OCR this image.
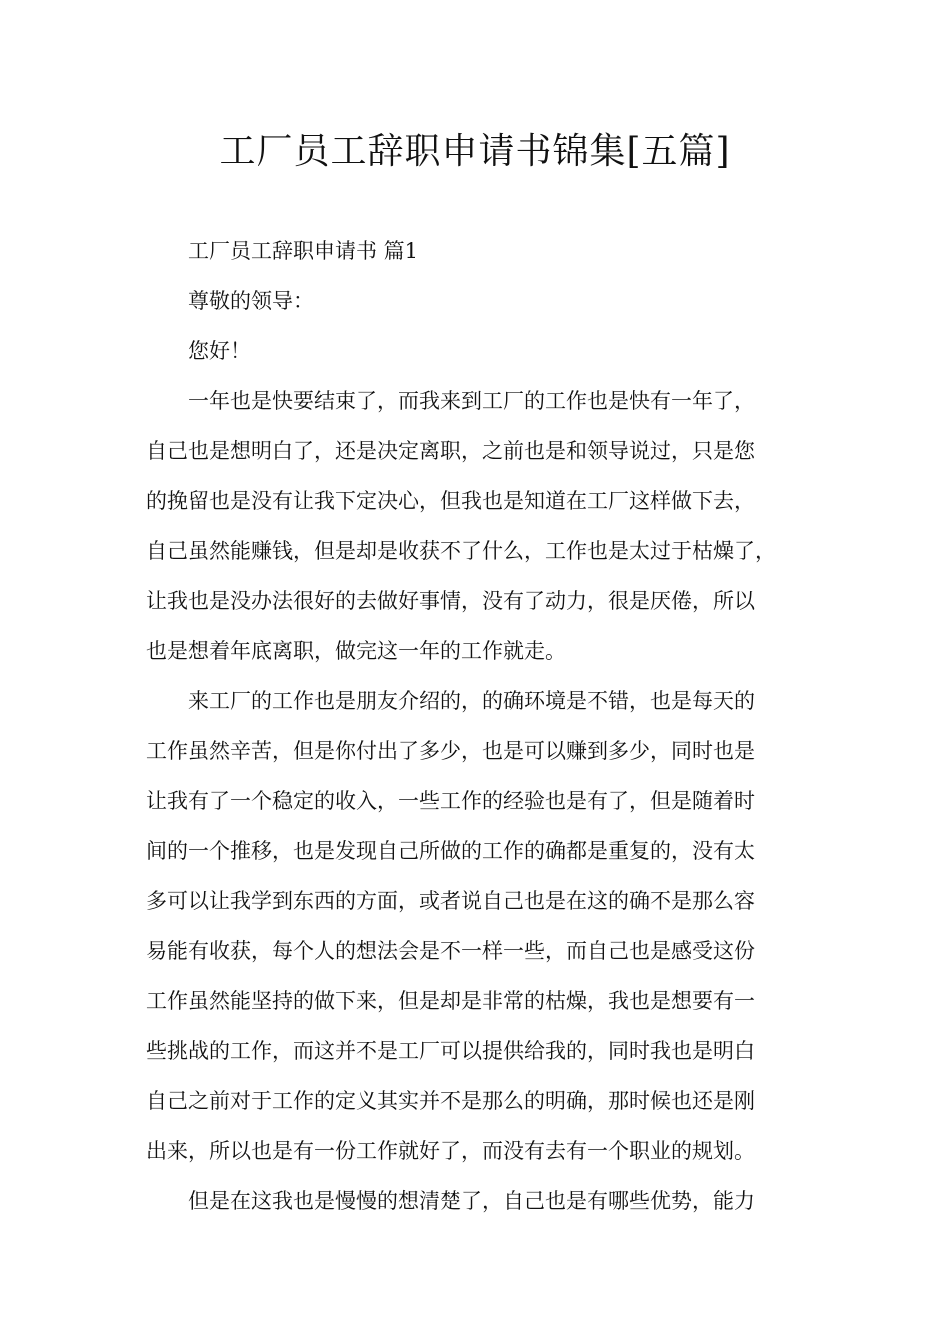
工厂员工辞职申请书锦集[五篇]

工厂员工辞职申请书 篇1

尊敬的领导：

您好！

一年也是快要结束了，而我来到工厂的工作也是快有一年了，

自己也是想明白了，还是决定离职，之前也是和领导说过，只是您

的挽留也是没有让我下定决心，但我也是知道在工厂这样做下去，

自己虽然能赚钱，但是却是收获不了什么，工作也是太过于枯燥了，

让我也是没办法很好的去做好事情，没有了动力，很是厌倦，所以

也是想着年底离职，做完这一年的工作就走。

来工厂的工作也是朋友介绍的，的确环境是不错，也是每天的

工作虽然辛苦，但是你付出了多少，也是可以赚到多少，同时也是

让我有了一个稳定的收入，一些工作的经验也是有了，但是随着时

间的一个推移，也是发现自己所做的工作的确都是重复的，没有太

多可以让我学到东西的方面，或者说自己也是在这的确不是那么容

易能有收获，每个人的想法会是不一样一些，而自己也是感受这份

工作虽然能坚持的做下来，但是却是非常的枯燥，我也是想要有一

些挑战的工作，而这并不是工厂可以提供给我的，同时我也是明白

自己之前对于工作的定义其实并不是那么的明确，那时候也还是刚

出来，所以也是有一份工作就好了，而没有去有一个职业的规划。

但是在这我也是慢慢的想清楚了，自己也是有哪些优势，能力
